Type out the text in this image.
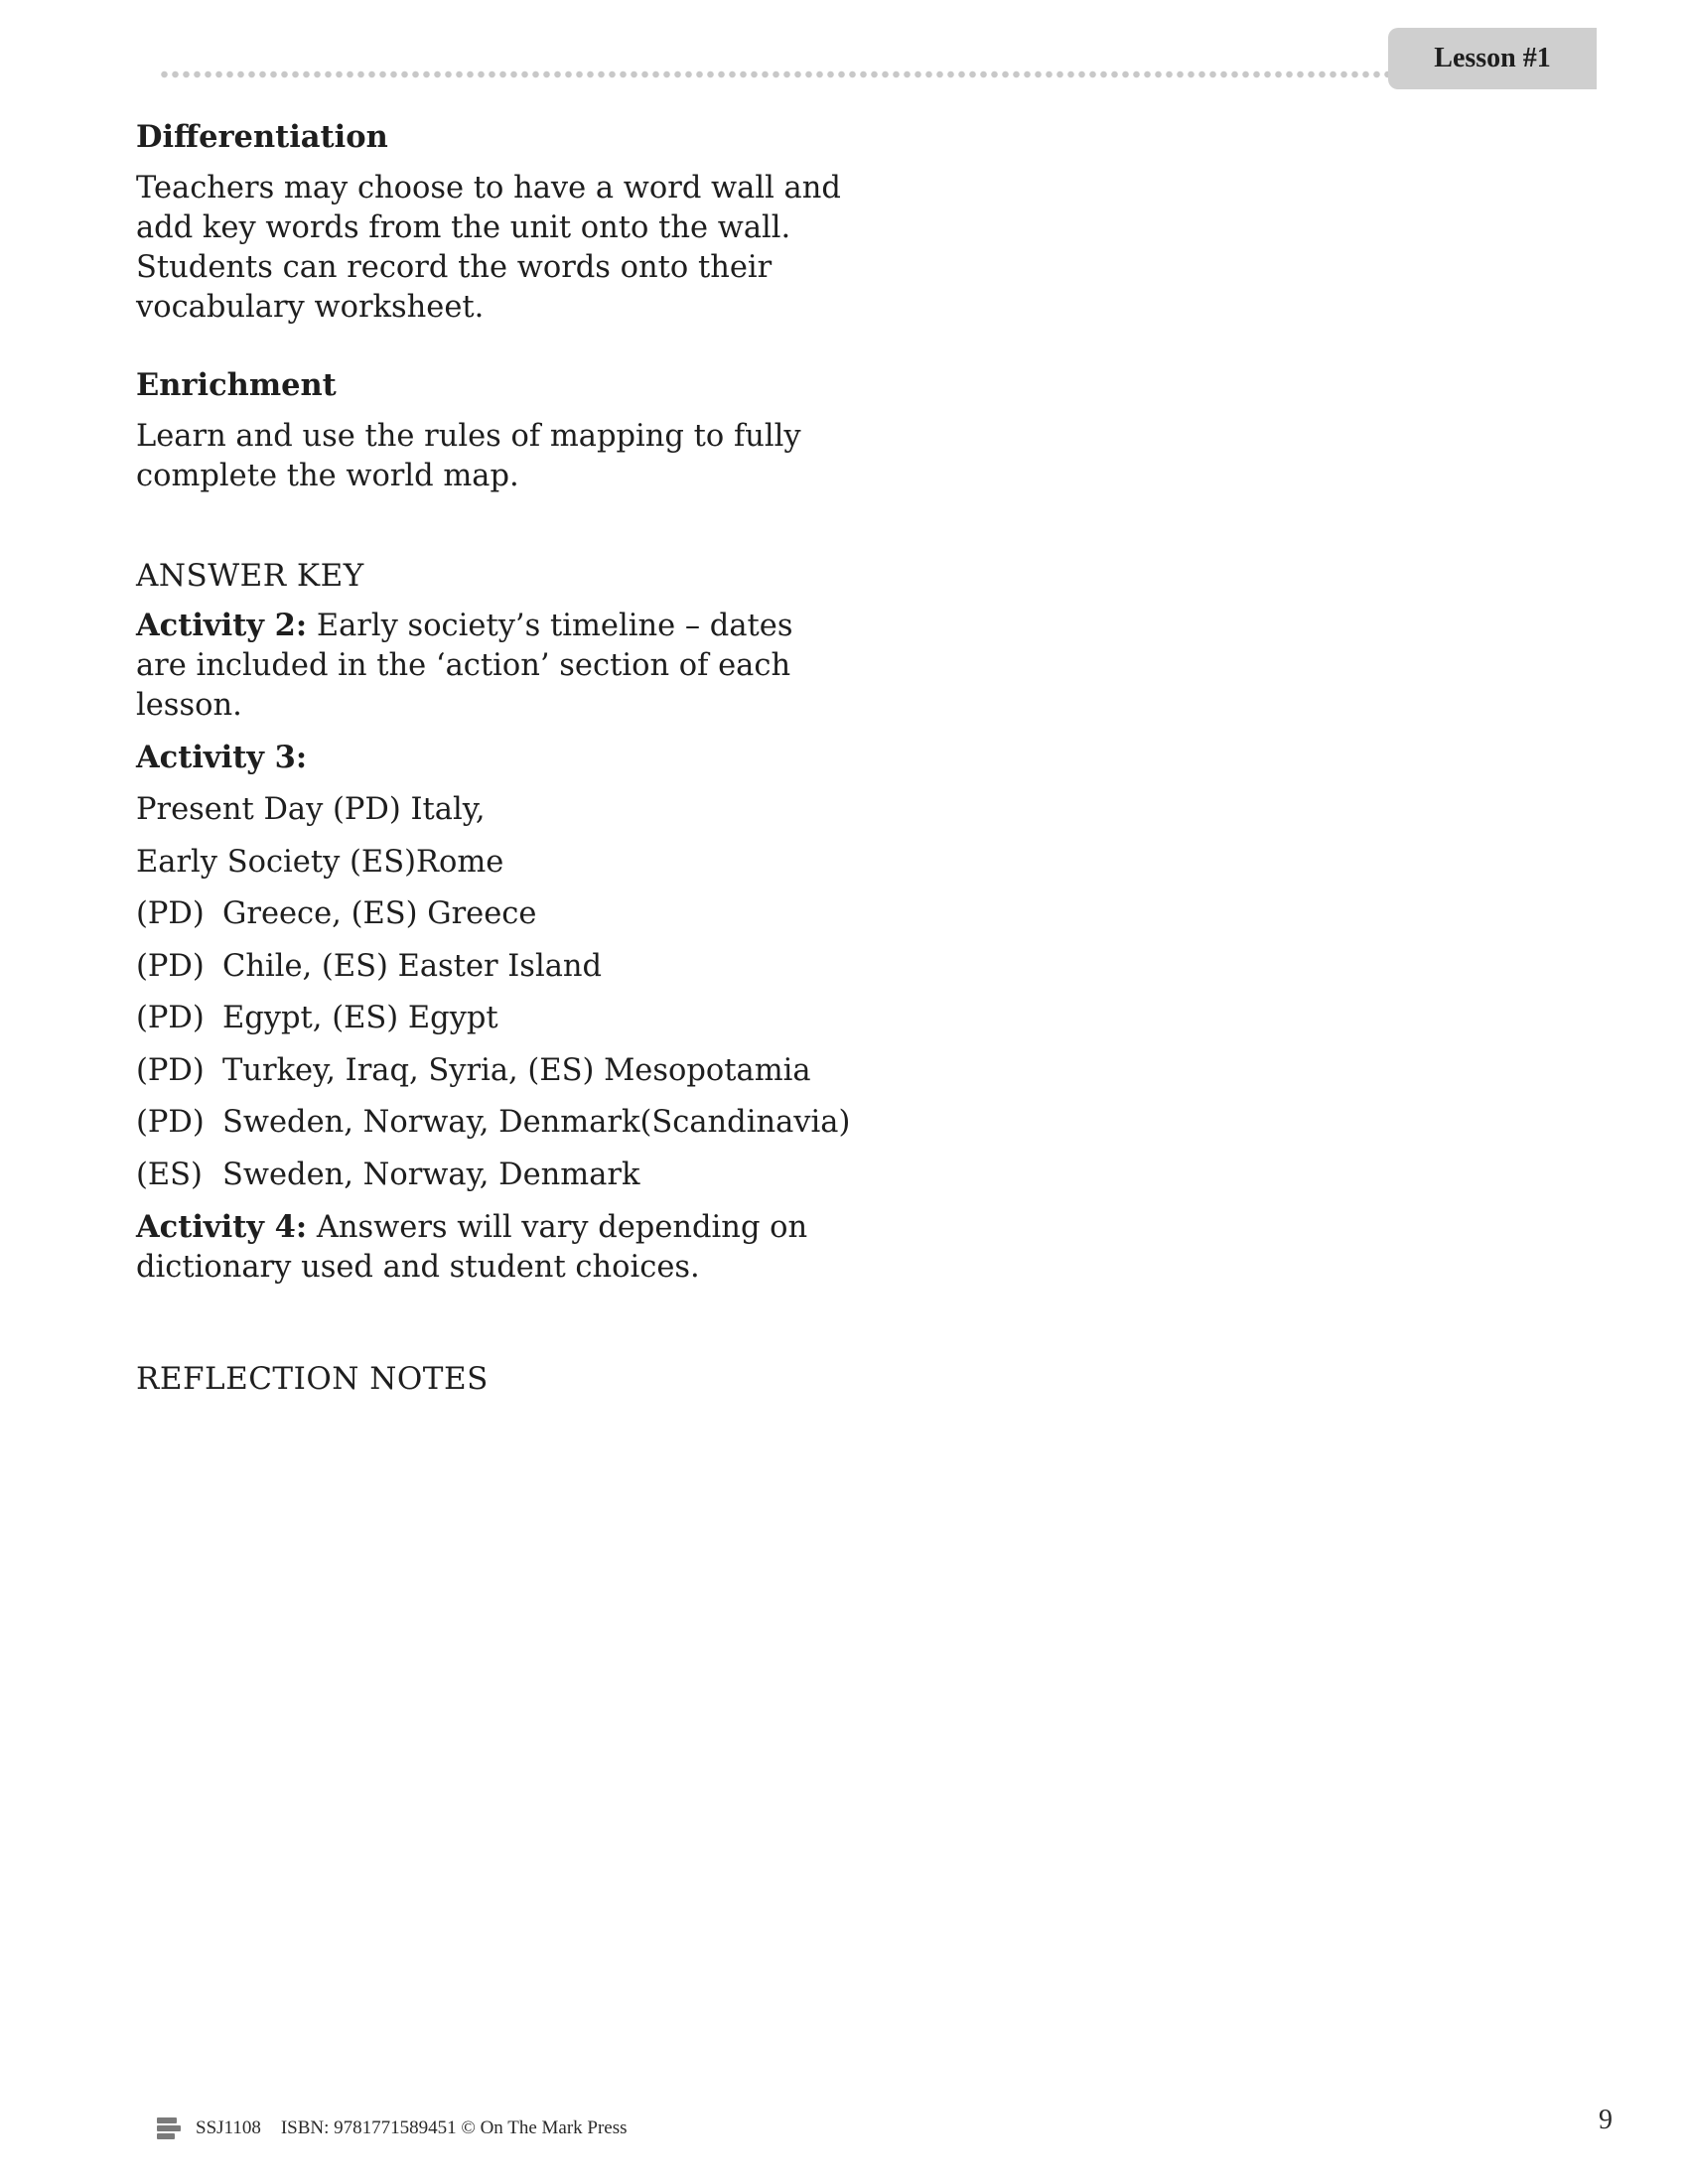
Lesson #1
Differentiation

Teachers may choose to have a word wall and add key words from the unit onto the wall. Students can record the words onto their vocabulary worksheet.

Enrichment

Learn and use the rules of mapping to fully complete the world map.

ANSWER KEY

Activity 2: Early society’s timeline – dates are included in the ‘action’ section of each lesson.

Activity 3:

Present Day (PD) Italy,

Early Society (ES)Rome

(PD) Greece, (ES) Greece

(PD) Chile, (ES) Easter Island

(PD) Egypt, (ES) Egypt

(PD) Turkey, Iraq, Syria, (ES) Mesopotamia

(PD) Sweden, Norway, Denmark(Scandinavia)

(ES) Sweden, Norway, Denmark

Activity 4: Answers will vary depending on dictionary used and student choices.

REFLECTION NOTES
SSJ1108 ISBN: 9781771589451 © On The Mark Press	9
